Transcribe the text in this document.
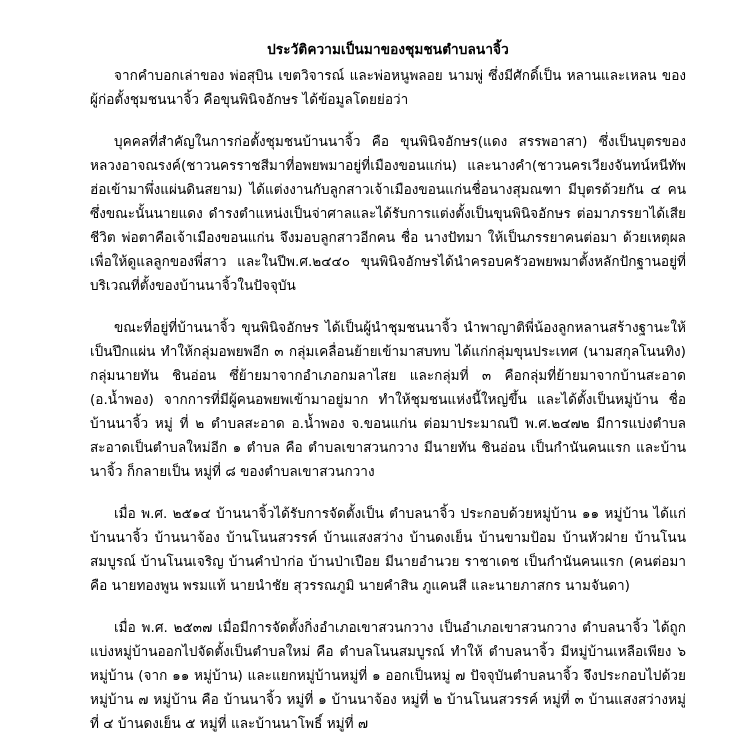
ประวัติความเป็นมาของชุมชนตำบลนาจิ้ว

จากคำบอกเล่าของ พ่อสุบิน เขตวิจารณ์ และพ่อหนูพลอย นามพู่ ซึ่งมีศักดิ์เป็น หลานและเหลน ของผู้ก่อตั้งชุมชนนาจิ้ว คือขุนพินิจอักษร ได้ข้อมูลโดยย่อว่า

บุคคลที่สำคัญในการก่อตั้งชุมชนบ้านนาจิ้ว คือ ขุนพินิจอักษร(แดง สรรพอาสา) ซึ่งเป็นบุตรของหลวงอาจณรงค์(ชาวนครราชสีมาที่อพยพมาอยู่ที่เมืองขอนแก่น) และนางคำ(ชาวนครเวียงจันทน์หนีทัพฮ่อเข้ามาพึ่งแผ่นดินสยาม) ได้แต่งงานกับลูกสาวเจ้าเมืองขอนแก่นชื่อนางสุมณฑา มีบุตรด้วยกัน ๔ คน ซึ่งขณะนั้นนายแดง ดำรงตำแหน่งเป็นจ่าศาลและได้รับการแต่งตั้งเป็นขุนพินิจอักษร ต่อมาภรรยาได้เสียชีวิต พ่อตาคือเจ้าเมืองขอนแก่น จึงมอบลูกสาวอีกคน ชื่อ นางปัทมา ให้เป็นภรรยาคนต่อมา ด้วยเหตุผลเพื่อให้ดูแลลูกของพี่สาว และในปีพ.ศ.๒๔๔๐ ขุนพินิจอักษรได้นำครอบครัวอพยพมาตั้งหลักปักฐานอยู่ที่บริเวณที่ตั้งของบ้านนาจิ้วในปัจจุบัน

ขณะที่อยู่ที่บ้านนาจิ้ว ขุนพินิจอักษร ได้เป็นผู้นำชุมชนนาจิ้ว นำพาญาติพี่น้องลูกหลานสร้างฐานะให้เป็นปึกแผ่น ทำให้กลุ่มอพยพอีก ๓ กลุ่มเคลื่อนย้ายเข้ามาสบทบ ได้แก่กลุ่มขุนประเทศ (นามสกุลโนนทิง) กลุ่มนายทัน ชินอ่อน ซึ่ย้ายมาจากอำเภอกมลาไสย และกลุ่มที่ ๓ คือกลุ่มที่ย้ายมาจากบ้านสะอาด (อ.น้ำพอง) จากการที่มีผู้คนอพยพเข้ามาอยู่มาก ทำให้ชุมชนแห่งนี้ใหญ่ขึ้น และได้ตั้งเป็นหมู่บ้าน ชื่อบ้านนาจิ้ว หมู่ ที่ ๒ ตำบลสะอาด อ.น้ำพอง จ.ขอนแก่น ต่อมาประมาณปี พ.ศ.๒๔๗๒ มีการแบ่งตำบลสะอาดเป็นตำบลใหม่อีก ๑ ตำบล คือ ตำบลเขาสวนกวาง มีนายทัน ชินอ่อน เป็นกำนันคนแรก และบ้านนาจิ้ว ก็กลายเป็น หมู่ที่ ๘ ของตำบลเขาสวนกวาง

เมื่อ พ.ศ. ๒๕๑๔ บ้านนาจิ้วได้รับการจัดตั้งเป็น ตำบลนาจิ้ว ประกอบด้วยหมู่บ้าน ๑๑ หมู่บ้าน ได้แก่ บ้านนาจิ้ว บ้านนาจ้อง บ้านโนนสวรรค์ บ้านแสงสว่าง บ้านดงเย็น บ้านขามป้อม บ้านหัวฝาย บ้านโนนสมบูรณ์ บ้านโนนเจริญ บ้านคำป่าก่อ บ้านป่าเปือย มีนายอำนวย ราชาเดช เป็นกำนันคนแรก (คนต่อมา คือ นายทองพูน พรมแท้ นายนำชัย สุวรรณภูมิ นายคำสิน ภูแคนสี และนายภาสกร นามจันดา)

เมื่อ พ.ศ. ๒๕๓๗ เมื่อมีการจัดตั้งกิ่งอำเภอเขาสวนกวาง เป็นอำเภอเขาสวนกวาง ตำบลนาจิ้ว ได้ถูกแบ่งหมู่บ้านออกไปจัดตั้งเป็นตำบลใหม่ คือ ตำบลโนนสมบูรณ์ ทำให้ ตำบลนาจิ้ว มีหมู่บ้านเหลือเพียง ๖ หมู่บ้าน (จาก ๑๑ หมู่บ้าน) และแยกหมู่บ้านหมู่ที่ ๑ ออกเป็นหมู่ ๗ ปัจจุบันตำบลนาจิ้ว จึงประกอบไปด้วยหมู่บ้าน ๗ หมู่บ้าน คือ บ้านนาจิ้ว หมู่ที่ ๑ บ้านนาจ้อง หมู่ที่ ๒ บ้านโนนสวรรค์ หมู่ที่ ๓ บ้านแสงสว่างหมู่ที่ ๔ บ้านดงเย็น ๕ หมู่ที่ และบ้านนาโพธิ์ หมู่ที่ ๗
